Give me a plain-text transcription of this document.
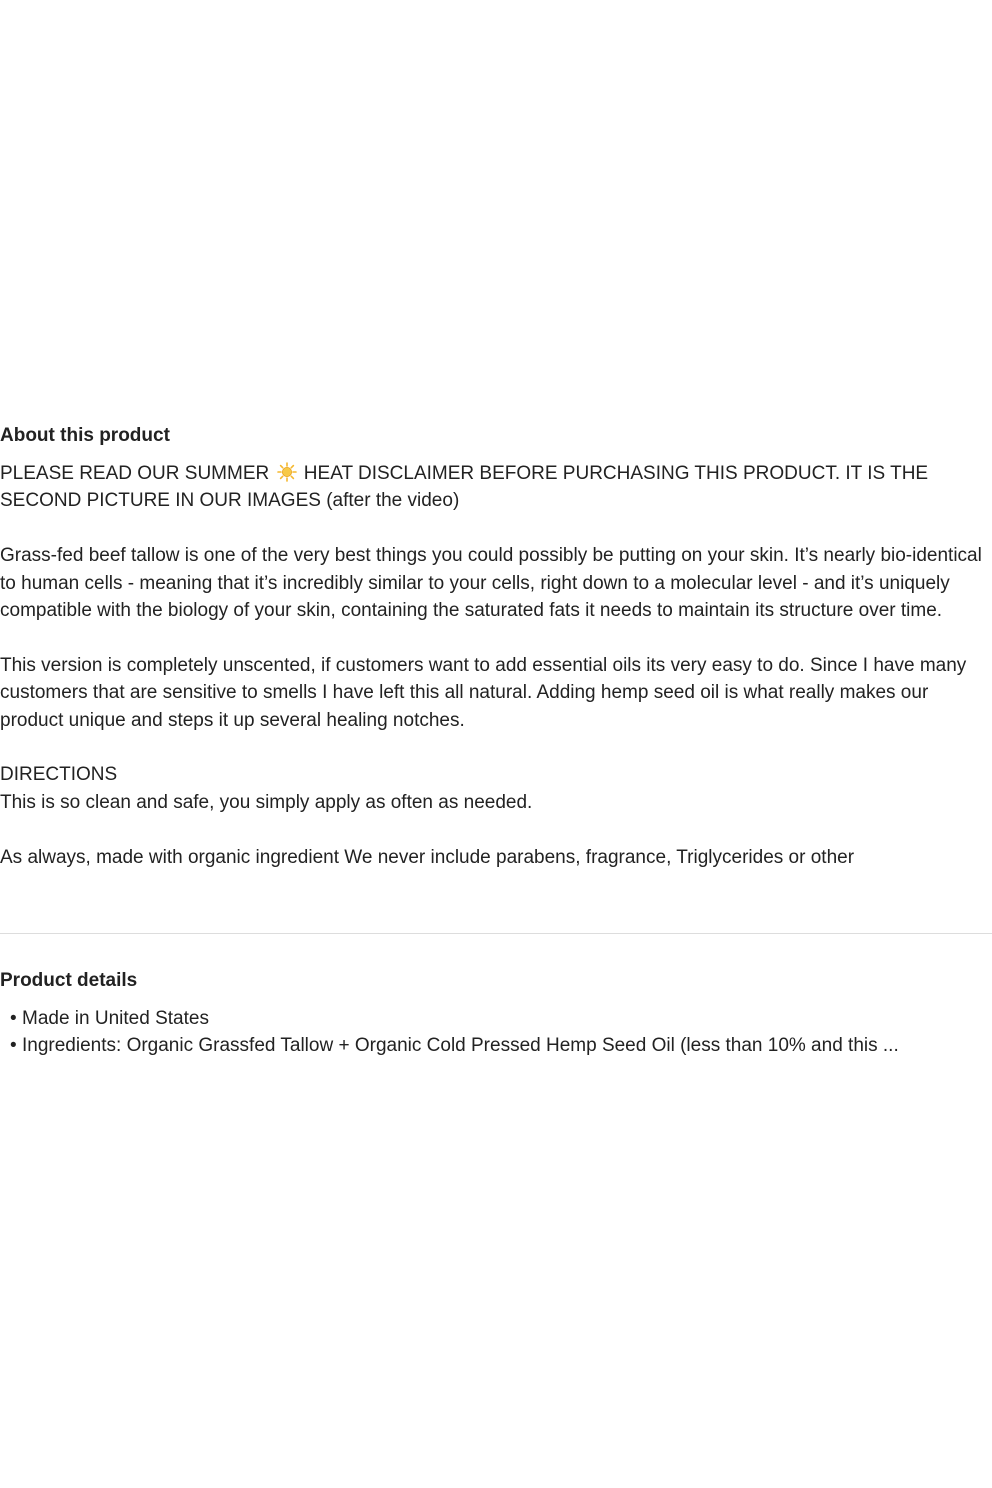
About this product

PLEASE READ OUR SUMMER HEAT DISCLAIMER BEFORE PURCHASING THIS PRODUCT. IT IS THE SECOND PICTURE IN OUR IMAGES (after the video)

Grass-fed beef tallow is one of the very best things you could possibly be putting on your skin. It’s nearly bio-identical to human cells - meaning that it’s incredibly similar to your cells, right down to a molecular level - and it’s uniquely compatible with the biology of your skin, containing the saturated fats it needs to maintain its structure over time.

This version is completely unscented, if customers want to add essential oils its very easy to do. Since I have many customers that are sensitive to smells I have left this all natural. Adding hemp seed oil is what really makes our product unique and steps it up several healing notches.

DIRECTIONS

This is so clean and safe, you simply apply as often as needed.

As always, made with organic ingredient We never include parabens, fragrance, Triglycerides or other

Product details
• Made in United States
• Ingredients: Organic Grassfed Tallow + Organic Cold Pressed Hemp Seed Oil (less than 10% and this ...
